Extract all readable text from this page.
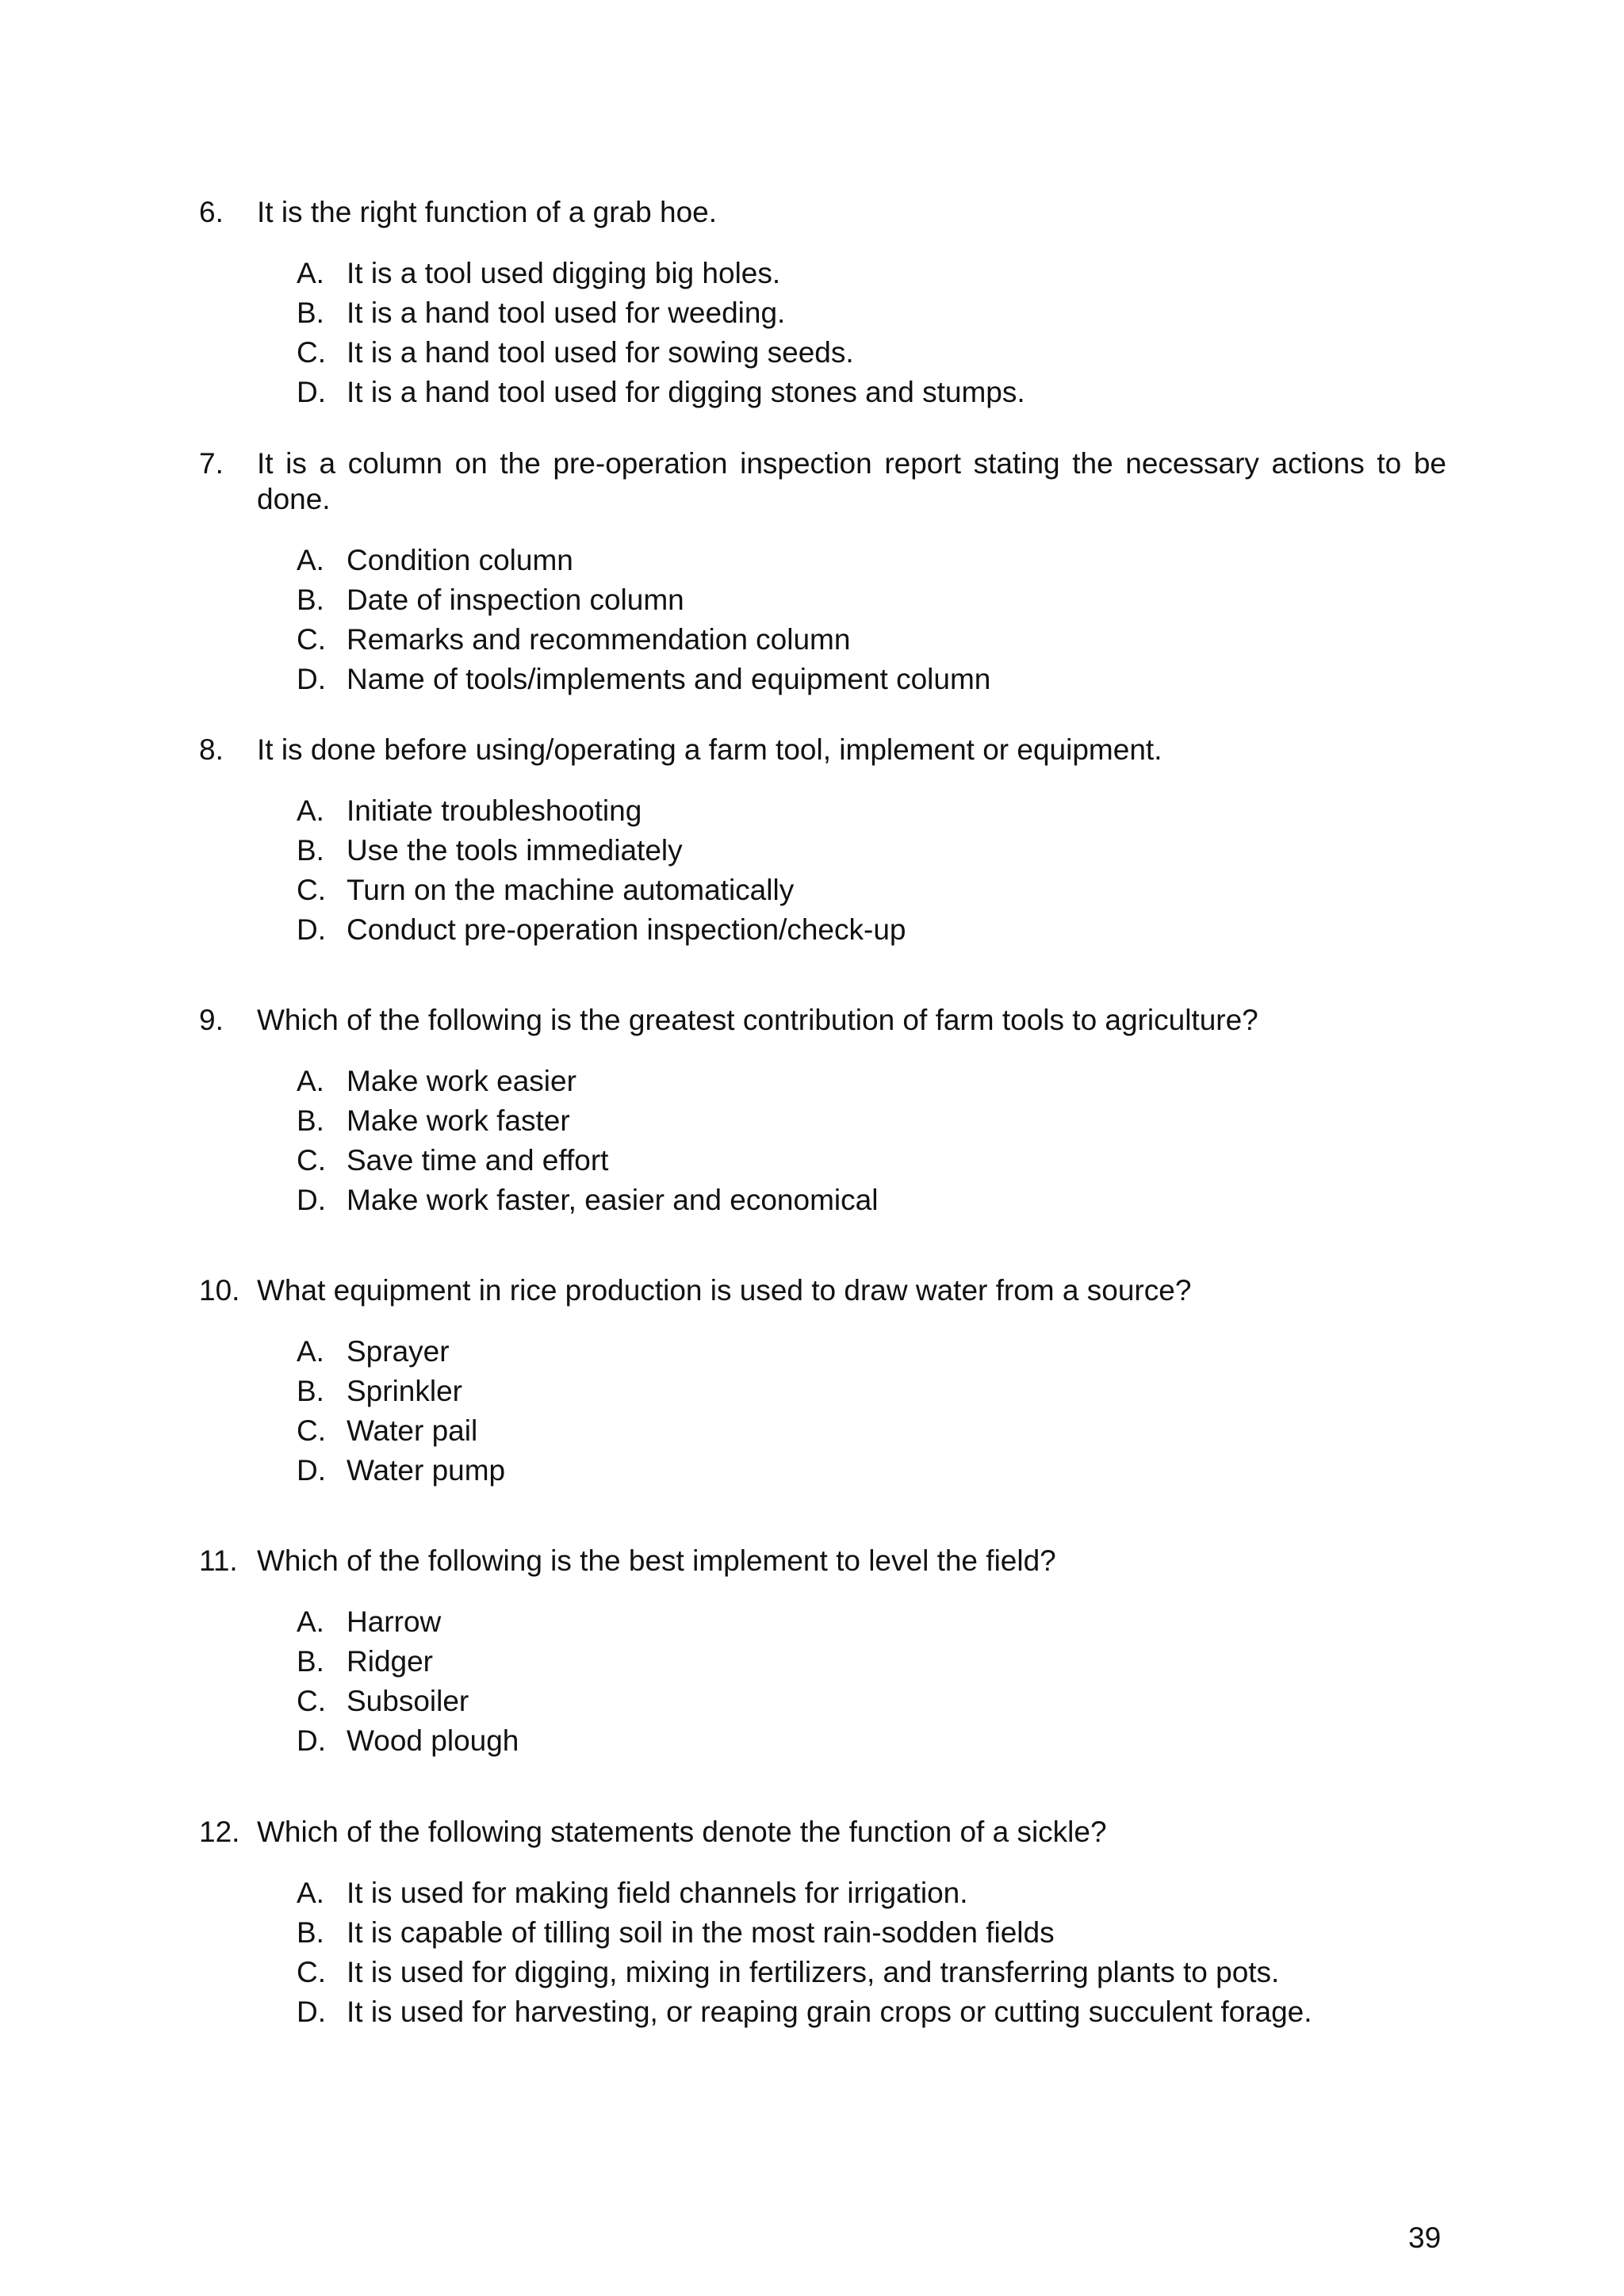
6. It is the right function of a grab hoe.
A. It is a tool used digging big holes.
B. It is a hand tool used for weeding.
C. It is a hand tool used for sowing seeds.
D. It is a hand tool used for digging stones and stumps.
7. It is a column on the pre-operation inspection report stating the necessary actions to be done.
A. Condition column
B. Date of inspection column
C. Remarks and recommendation column
D. Name of tools/implements and equipment column
8. It is done before using/operating a farm tool, implement or equipment.
A. Initiate troubleshooting
B. Use the tools immediately
C. Turn on the machine automatically
D. Conduct pre-operation inspection/check-up
9. Which of the following is the greatest contribution of farm tools to agriculture?
A. Make work easier
B. Make work faster
C. Save time and effort
D. Make work faster, easier and economical
10. What equipment in rice production is used to draw water from a source?
A. Sprayer
B. Sprinkler
C. Water pail
D. Water pump
11. Which of the following is the best implement to level the field?
A. Harrow
B. Ridger
C. Subsoiler
D. Wood plough
12. Which of the following statements denote the function of a sickle?
A. It is used for making field channels for irrigation.
B. It is capable of tilling soil in the most rain-sodden fields
C. It is used for digging, mixing in fertilizers, and transferring plants to pots.
D. It is used for harvesting, or reaping grain crops or cutting succulent forage.
39
